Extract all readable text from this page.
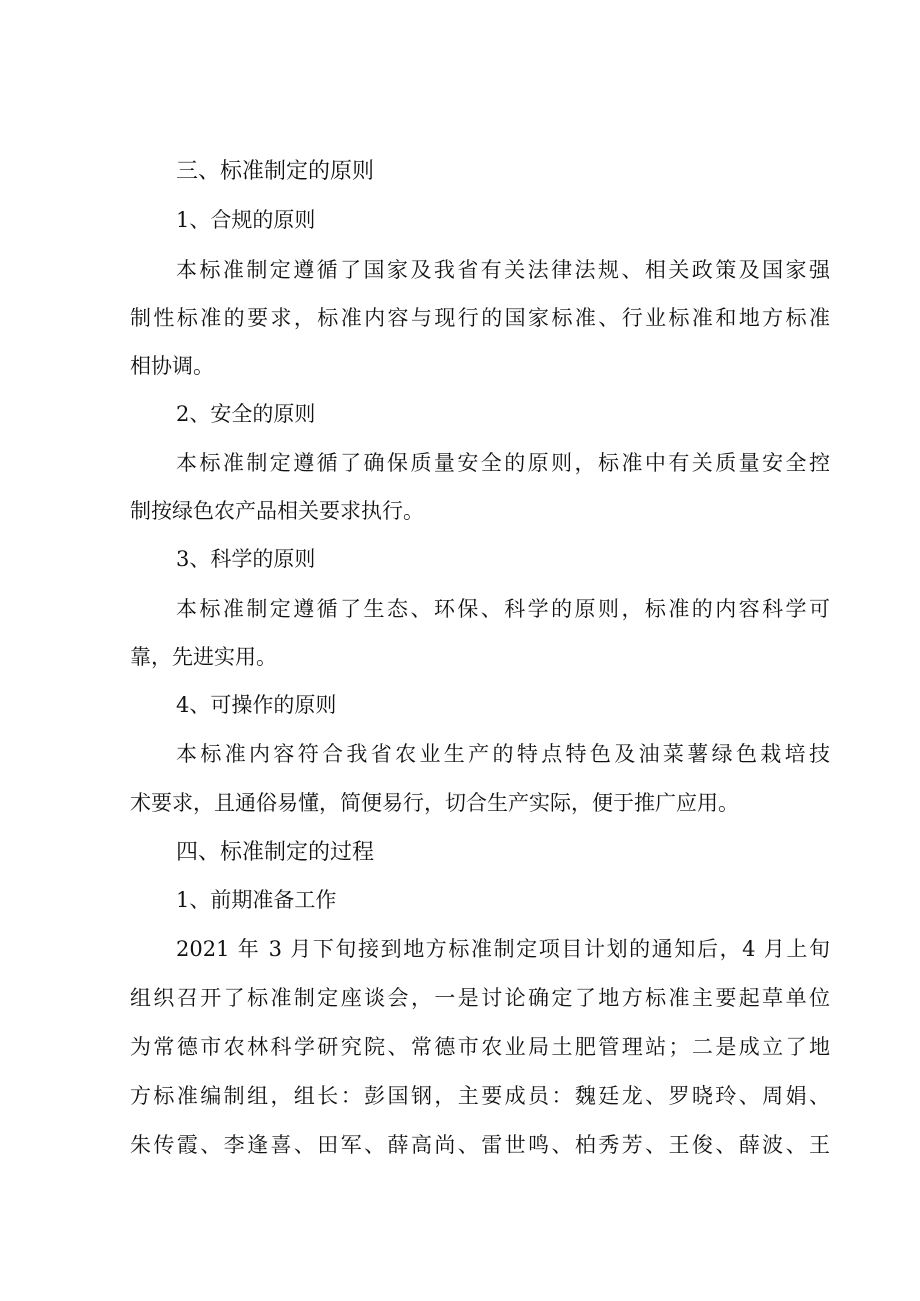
三、标准制定的原则

1、合规的原则

本标准制定遵循了国家及我省有关法律法规、相关政策及国家强

制性标准的要求，标准内容与现行的国家标准、行业标准和地方标准

相协调。

2、安全的原则

本标准制定遵循了确保质量安全的原则，标准中有关质量安全控

制按绿色农产品相关要求执行。

3、科学的原则

本标准制定遵循了生态、环保、科学的原则，标准的内容科学可

靠，先进实用。

4、可操作的原则

本标准内容符合我省农业生产的特点特色及油菜薯绿色栽培技

术要求，且通俗易懂，简便易行，切合生产实际，便于推广应用。

四、标准制定的过程

1、前期准备工作

2021 年 3 月下旬接到地方标准制定项目计划的通知后，4 月上旬

组织召开了标准制定座谈会，一是讨论确定了地方标准主要起草单位

为常德市农林科学研究院、常德市农业局土肥管理站；二是成立了地

方标准编制组，组长：彭国钢，主要成员：魏廷龙、罗晓玲、周娟、

朱传霞、李逢喜、田军、薛高尚、雷世鸣、柏秀芳、王俊、薛波、王
